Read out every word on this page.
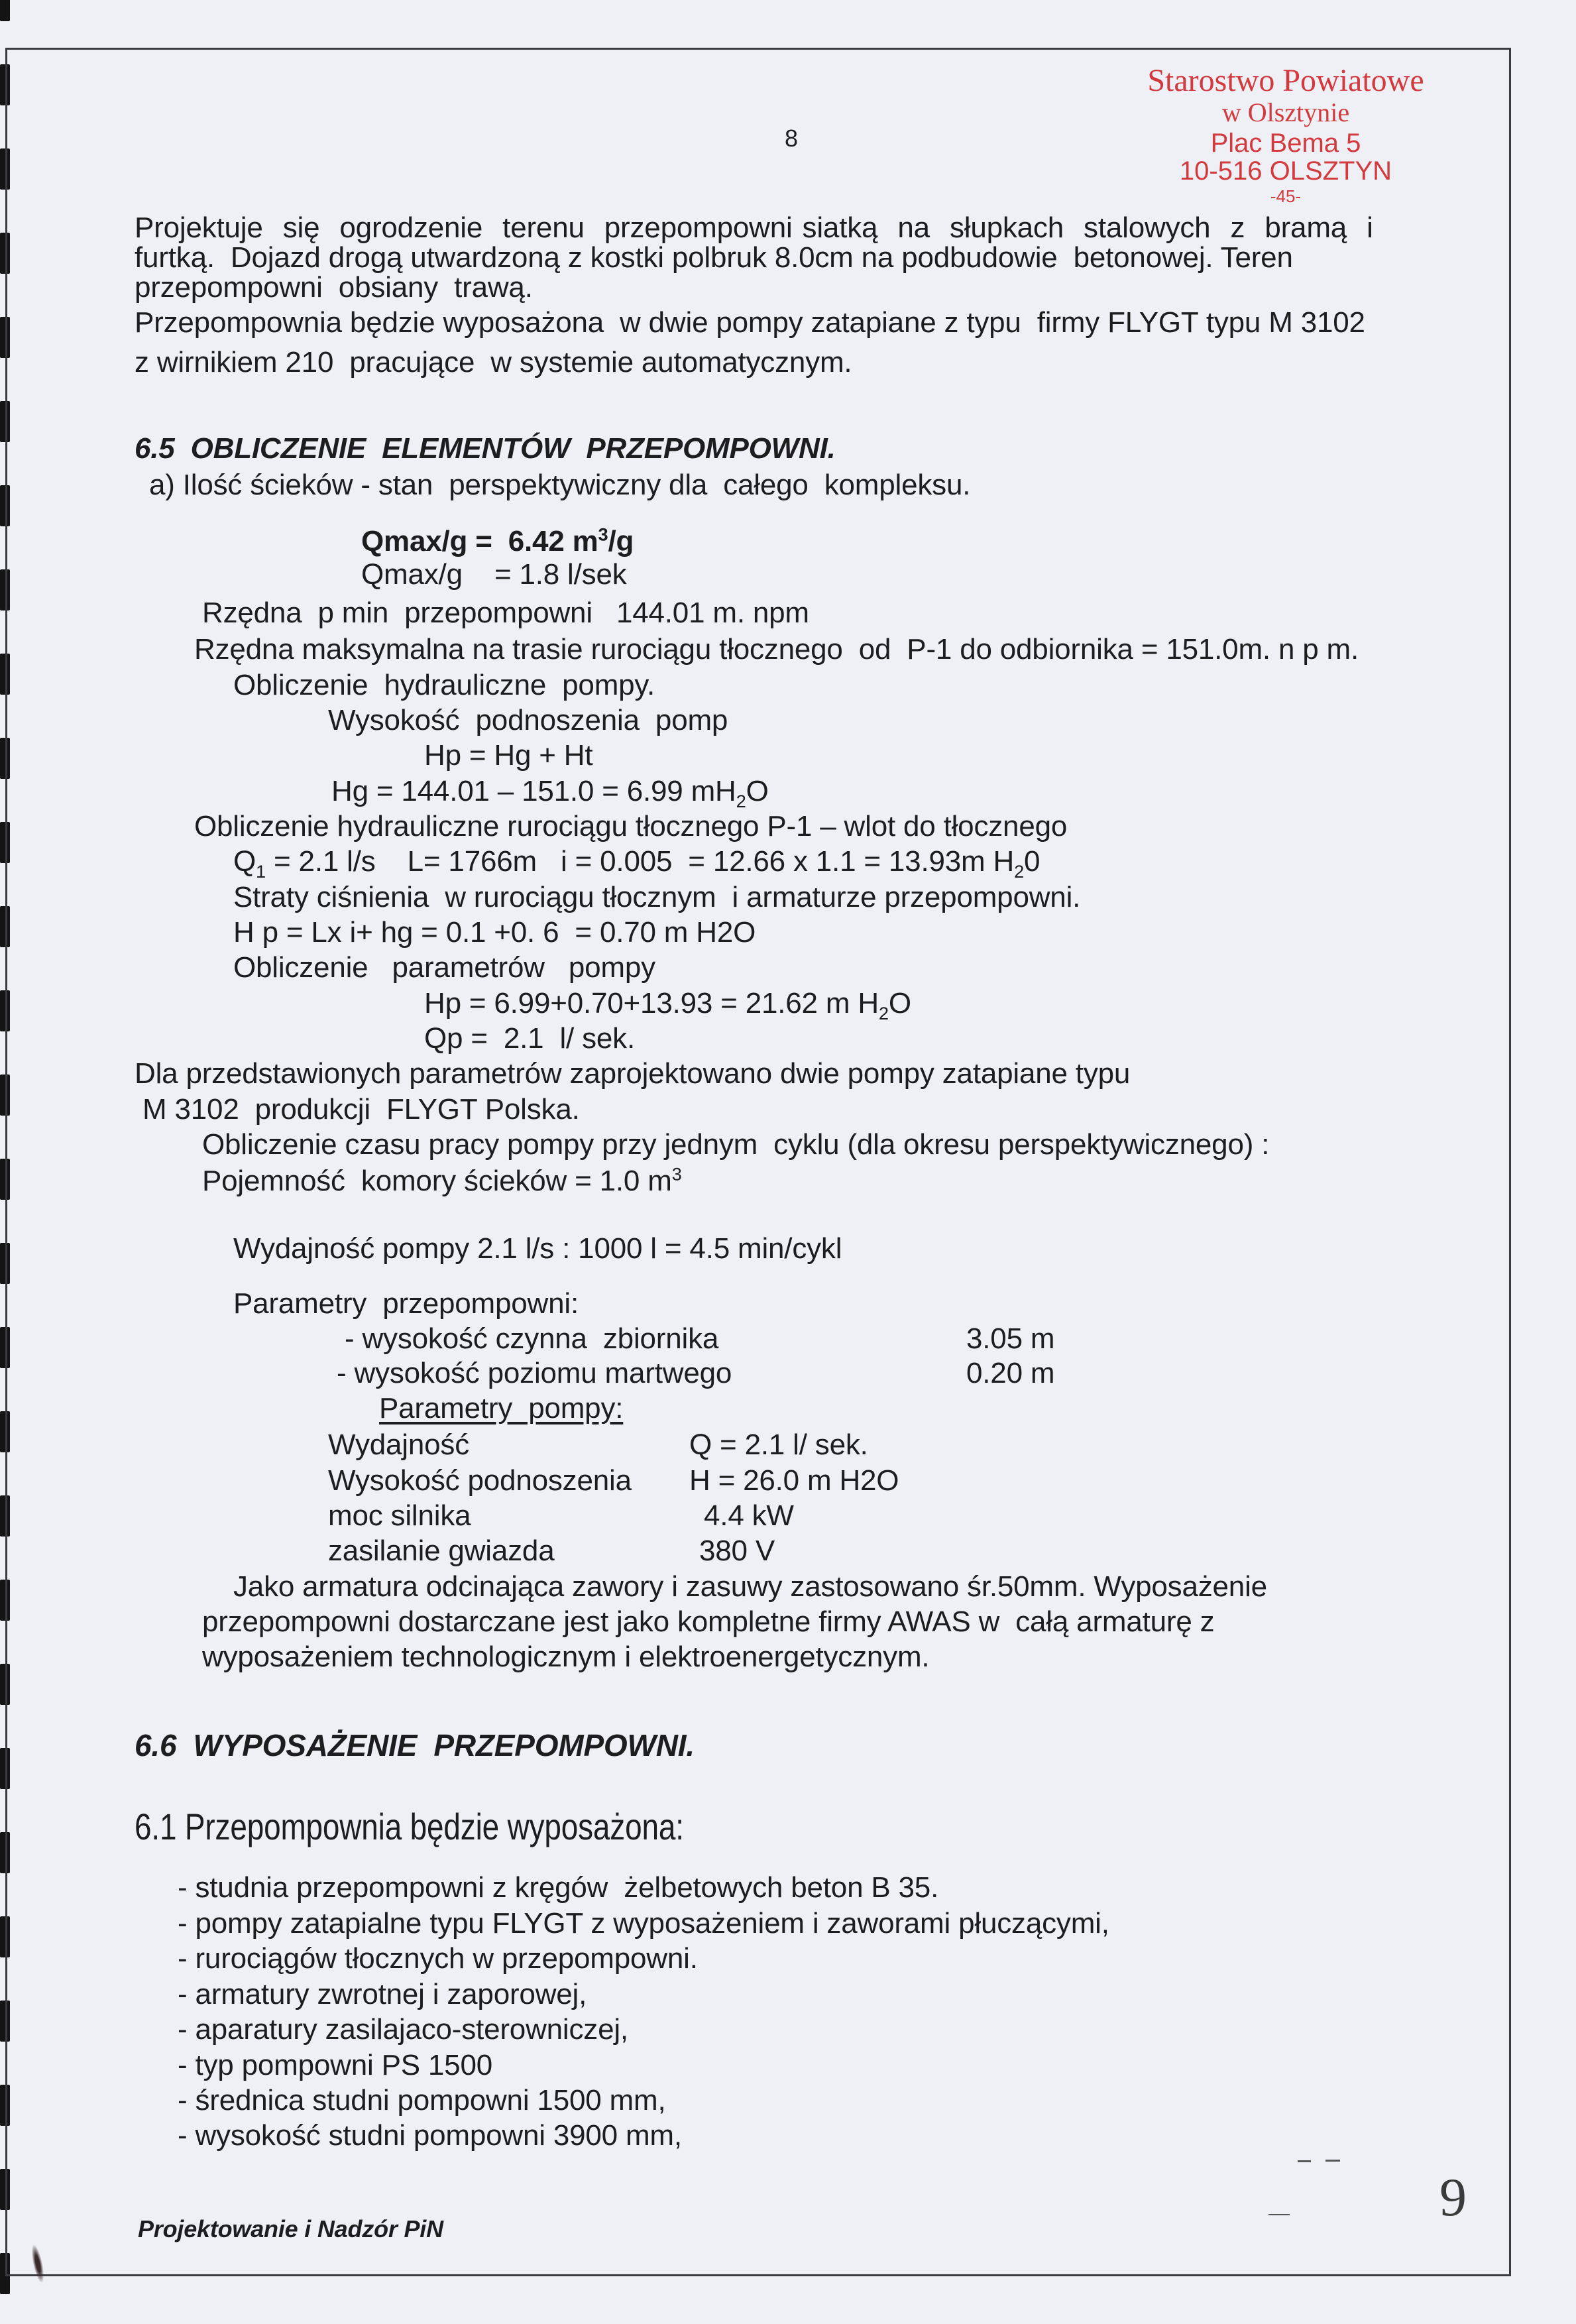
8
Starostwo Powiatowe
w Olsztynie
Plac Bema 5
10-516 OLSZTYN
-45-
Projektuje  się  ogrodzenie  terenu  przepompowni siatką  na  słupkach  stalowych  z  bramą  i
furtką.  Dojazd drogą utwardzoną z kostki polbruk 8.0cm na podbudowie  betonowej. Teren
przepompowni  obsiany  trawą.
Przepompownia będzie wyposażona  w dwie pompy zatapiane z typu  firmy FLYGT typu M 3102
z wirnikiem 210  pracujące  w systemie automatycznym.
6.5  OBLICZENIE  ELEMENTÓW  PRZEPOMPOWNI.
a) Ilość ścieków - stan  perspektywiczny dla  całego  kompleksu.
Qmax/g =  6.42 $m^3/g$
Qmax/g    = 1.8 l/sek
Rzędna  p min  przepompowni   144.01 m. npm
Rzędna maksymalna na trasie rurociągu tłocznego  od  P-1 do odbiornika = 151.0m. n p m.
Obliczenie  hydrauliczne  pompy.
Wysokość  podnoszenia  pomp
Hp = Hg + Ht
Hg = 144.01 – 151.0 = 6.99 $mH_2O$
Obliczenie hydrauliczne rurociągu tłocznego P-1 – wlot do tłocznego
$Q_1 = 2.1$ l/s    L= 1766m   i = 0.005  = 12.66 x 1.1 = 13.93m $H_20$
Straty ciśnienia  w rurociągu tłocznym  i armaturze przepompowni.
H p = Lx i+ hg = 0.1 +0. 6  = 0.70 m H2O
Obliczenie   parametrów   pompy
Hp = 6.99+0.70+13.93 = 21.62 m $H_2O$
Qp =  2.1  l/ sek.
Dla przedstawionych parametrów zaprojektowano dwie pompy zatapiane typu
M 3102  produkcji  FLYGT Polska.
Obliczenie czasu pracy pompy przy jednym  cyklu (dla okresu perspektywicznego) :
Pojemność  komory ścieków = 1.0 $m^3$
Wydajność pompy 2.1 l/s : 1000 l = 4.5 min/cykl
Parametry  przepompowni:
- wysokość czynna  zbiornika	3.05 m
- wysokość poziomu martwego	0.20 m
Parametry  pompy:
Wydajność	Q = 2.1 l/ sek.
Wysokość podnoszenia H = 26.0 m H2O
moc silnika	4.4 kW
zasilanie gwiazda	380 V
Jako armatura odcinająca zawory i zasuwy zastosowano śr.50mm. Wyposażenie
przepompowni dostarczane jest jako kompletne firmy AWAS w  całą armaturę z
wyposażeniem technologicznym i elektroenergetycznym.
6.6  WYPOSAŻENIE  PRZEPOMPOWNI.
6.1 Przepompownia będzie wyposażona:
- studnia przepompowni z kręgów  żelbetowych beton B 35.
- pompy zatapialne typu FLYGT z wyposażeniem i zaworami płuczącymi,
- rurociągów tłocznych w przepompowni.
- armatury zwrotnej i zaporowej,
- aparatury zasilajaco-sterowniczej,
- typ pompowni PS 1500
- średnica studni pompowni 1500 mm,
- wysokość studni pompowni 3900 mm,
9
Projektowanie i Nadzór PiN
